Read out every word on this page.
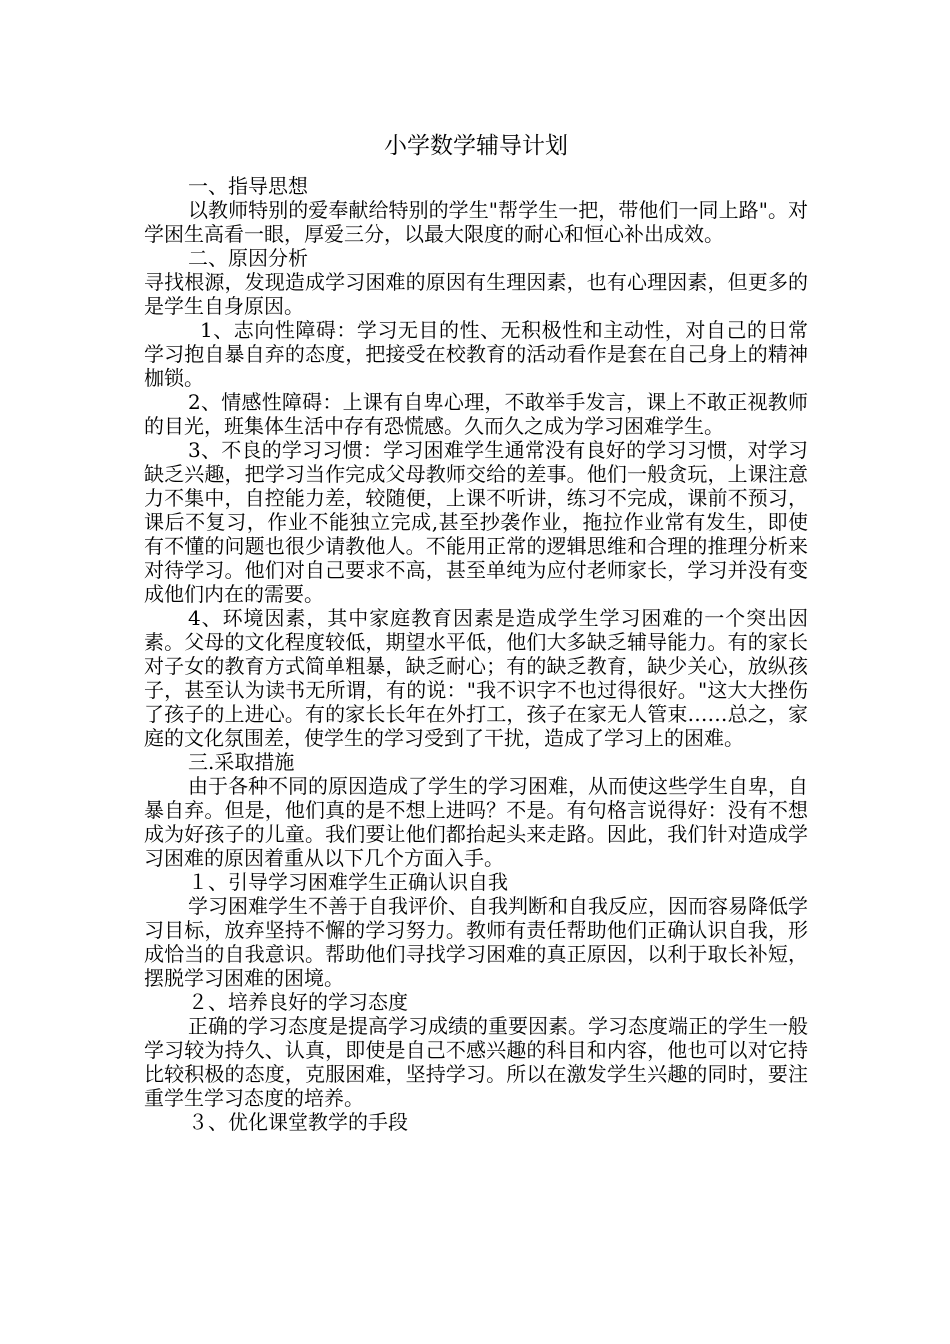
小学数学辅导计划

一、指导思想

以教师特别的爱奉献给特别的学生"帮学生一把，带他们一同上路"。对学困生高看一眼，厚爱三分，以最大限度的耐心和恒心补出成效。

二、原因分析

寻找根源，发现造成学习困难的原因有生理因素，也有心理因素，但更多的是学生自身原因。

1、志向性障碍：学习无目的性、无积极性和主动性，对自己的日常学习抱自暴自弃的态度，把接受在校教育的活动看作是套在自己身上的精神枷锁。

2、情感性障碍：上课有自卑心理，不敢举手发言，课上不敢正视教师的目光，班集体生活中存有恐慌感。久而久之成为学习困难学生。

3、不良的学习习惯：学习困难学生通常没有良好的学习习惯，对学习缺乏兴趣，把学习当作完成父母教师交给的差事。他们一般贪玩，上课注意力不集中，自控能力差，较随便，上课不听讲，练习不完成，课前不预习，课后不复习，作业不能独立完成,甚至抄袭作业，拖拉作业常有发生，即使有不懂的问题也很少请教他人。不能用正常的逻辑思维和合理的推理分析来对待学习。他们对自己要求不高，甚至单纯为应付老师家长，学习并没有变成他们内在的需要。

4、环境因素，其中家庭教育因素是造成学生学习困难的一个突出因素。父母的文化程度较低，期望水平低，他们大多缺乏辅导能力。有的家长对子女的教育方式简单粗暴，缺乏耐心；有的缺乏教育，缺少关心，放纵孩子，甚至认为读书无所谓，有的说："我不识字不也过得很好。"这大大挫伤了孩子的上进心。有的家长长年在外打工，孩子在家无人管束……总之，家庭的文化氛围差，使学生的学习受到了干扰，造成了学习上的困难。

三.采取措施

由于各种不同的原因造成了学生的学习困难，从而使这些学生自卑，自暴自弃。但是，他们真的是不想上进吗？不是。有句格言说得好：没有不想成为好孩子的儿童。我们要让他们都抬起头来走路。因此，我们针对造成学习困难的原因着重从以下几个方面入手。

１、引导学习困难学生正确认识自我

学习困难学生不善于自我评价、自我判断和自我反应，因而容易降低学习目标，放弃坚持不懈的学习努力。教师有责任帮助他们正确认识自我，形成恰当的自我意识。帮助他们寻找学习困难的真正原因，以利于取长补短，摆脱学习困难的困境。

２、培养良好的学习态度

正确的学习态度是提高学习成绩的重要因素。学习态度端正的学生一般学习较为持久、认真，即使是自己不感兴趣的科目和内容，他也可以对它持比较积极的态度，克服困难，坚持学习。所以在激发学生兴趣的同时，要注重学生学习态度的培养。

３、优化课堂教学的手段
